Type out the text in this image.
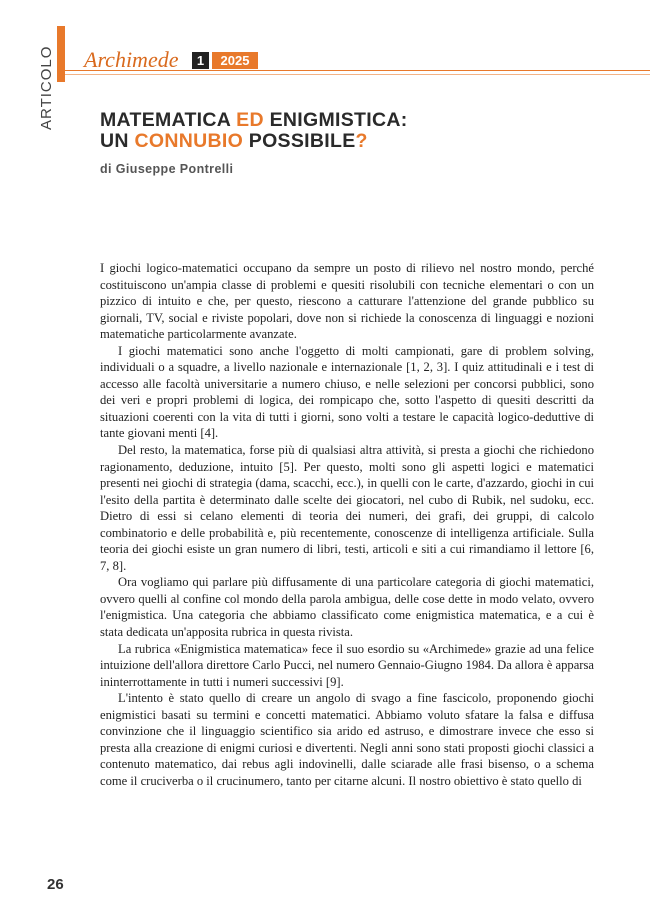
ARTICOLO Archimede	1	2025
MATEMATICA ED ENIGMISTICA:
UN CONNUBIO POSSIBILE?
di Giuseppe Pontrelli

I giochi logico-matematici occupano da sempre un posto di rilievo nel nostro mondo, perché costituiscono un'ampia classe di problemi e quesiti risolubili con tecniche elementari o con un pizzico di intuito e che, per questo, riescono a catturare l'attenzione del grande pubblico su giornali, TV, social e riviste popolari, dove non si richiede la conoscenza di linguaggi e nozioni matematiche particolarmente avanzate.

I giochi matematici sono anche l'oggetto di molti campionati, gare di problem solving, individuali o a squadre, a livello nazionale e internazionale [1, 2, 3]. I quiz attitudinali e i test di accesso alle facoltà universitarie a numero chiuso, e nelle selezioni per concorsi pubblici, sono dei veri e propri problemi di logica, dei rompicapo che, sotto l'aspetto di quesiti descritti da situazioni coerenti con la vita di tutti i giorni, sono volti a testare le capacità logico-deduttive di tante giovani menti [4].

Del resto, la matematica, forse più di qualsiasi altra attività, si presta a giochi che richiedono ragionamento, deduzione, intuito [5]. Per questo, molti sono gli aspetti logici e matematici presenti nei giochi di strategia (dama, scacchi, ecc.), in quelli con le carte, d'azzardo, giochi in cui l'esito della partita è determinato dalle scelte dei giocatori, nel cubo di Rubik, nel sudoku, ecc. Dietro di essi si celano elementi di teoria dei numeri, dei grafi, dei gruppi, di calcolo combinatorio e delle probabilità e, più recentemente, conoscenze di intelligenza artificiale. Sulla teoria dei giochi esiste un gran numero di libri, testi, articoli e siti a cui rimandiamo il lettore [6, 7, 8].

Ora vogliamo qui parlare più diffusamente di una particolare categoria di giochi matematici, ovvero quelli al confine col mondo della parola ambigua, delle cose dette in modo velato, ovvero l'enigmistica. Una categoria che abbiamo classificato come enigmistica matematica, e a cui è stata dedicata un'apposita rubrica in questa rivista.

La rubrica «Enigmistica matematica» fece il suo esordio su «Archimede» grazie ad una felice intuizione dell'allora direttore Carlo Pucci, nel numero Gennaio-Giugno 1984. Da allora è apparsa ininterrottamente in tutti i numeri successivi [9].

L'intento è stato quello di creare un angolo di svago a fine fascicolo, proponendo giochi enigmistici basati su termini e concetti matematici. Abbiamo voluto sfatare la falsa e diffusa convinzione che il linguaggio scientifico sia arido ed astruso, e dimostrare invece che esso si presta alla creazione di enigmi curiosi e divertenti. Negli anni sono stati proposti giochi classici a contenuto matematico, dai rebus agli indovinelli, dalle sciarade alle frasi bisenso, o a schema come il cruciverba o il crucinumero, tanto per citarne alcuni. Il nostro obiettivo è stato quello di

26
